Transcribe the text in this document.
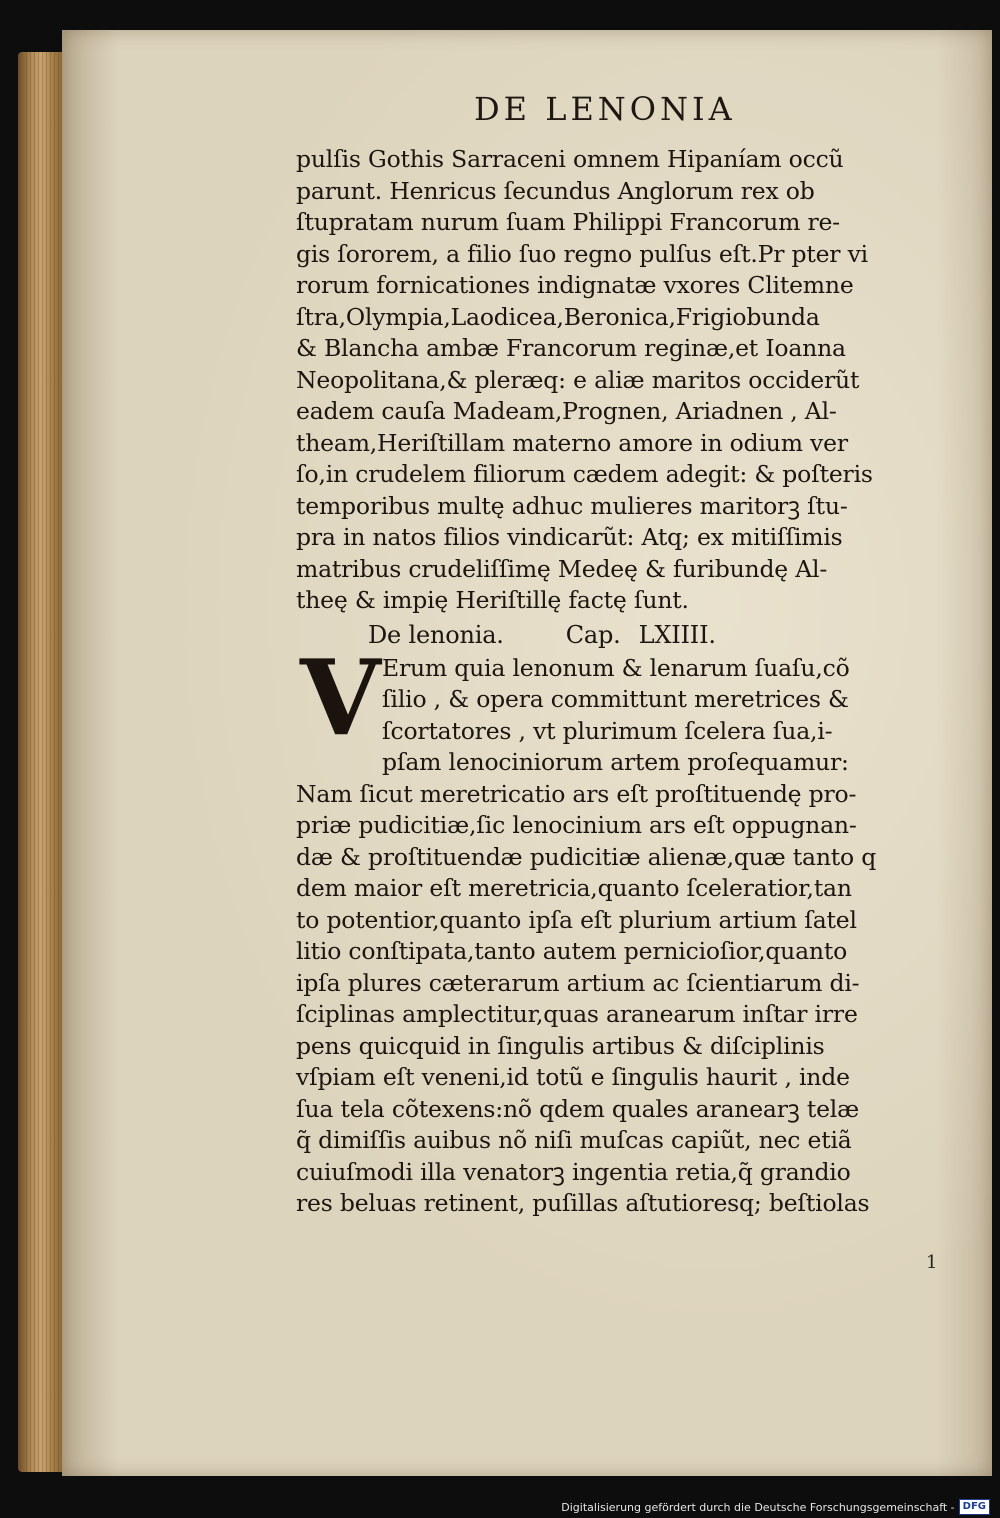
DE LENONIA
pulſis Gothis Sarraceni omnem Hipaníam occũ
parunt. Henricus ſecundus Anglorum rex ob
ſtupratam nurum ſuam Philippi Francorum re-
gis ſororem, a filio ſuo regno pulſus eſt.Pr pter vi
rorum fornicationes indignatæ vxores Clitemne
ſtra,Olympia,Laodicea,Beronica,Frigiobunda
& Blancha ambæ Francorum reginæ,et Ioanna
Neopolitana,& pleræq: e aliæ maritos occiderũt
eadem cauſa Madeam,Prognen, Ariadnen , Al-
theam,Heriſtillam materno amore in odium ver
ſo,in crudelem filiorum cædem adegit: & poſteris
temporibus multę adhuc mulieres maritorꝫ ſtu-
pra in natos filios vindicarũt: Atq; ex mitiſſimis
matribus crudeliſſimę Medeę & furibundę Al-
theę & impię Heriſtillę factę ſunt.
De lenonia.	Cap. LXIIII.
V Erum quia lenonum & lenarum ſuaſu,cõ
ſilio , & opera committunt meretrices &
ſcortatores , vt plurimum ſcelera ſua,i-
pſam lenociniorum artem proſequamur:
Nam ſicut meretricatio ars eſt proſtituendę pro-
priæ pudicitiæ,ſic lenocinium ars eſt oppugnan-
dæ & proſtituendæ pudicitiæ alienæ,quæ tanto q
dem maior eſt meretricia,quanto ſceleratior,tan
to potentior,quanto ipſa eſt plurium artium ſatel
litio conſtipata,tanto autem pernicioſior,quanto
ipſa plures cæterarum artium ac ſcientiarum di-
ſciplinas amplectitur,quas aranearum inſtar irre
pens quicquid in ſingulis artibus & diſciplinis
vſpiam eſt veneni,id totũ e ſingulis haurit , inde
ſua tela cõtexens:nõ qdem quales aranearꝫ telæ
q̃ dimiſſis auibus nõ niſi muſcas capiũt, nec etiã
cuiuſmodi illa venatorꝫ ingentia retia,q̃ grandio
res beluas retinent, puſillas aſtutioresq; beſtiolas
1
Digitalisierung gefördert durch die Deutsche Forschungsgemeinschaft - DFG
